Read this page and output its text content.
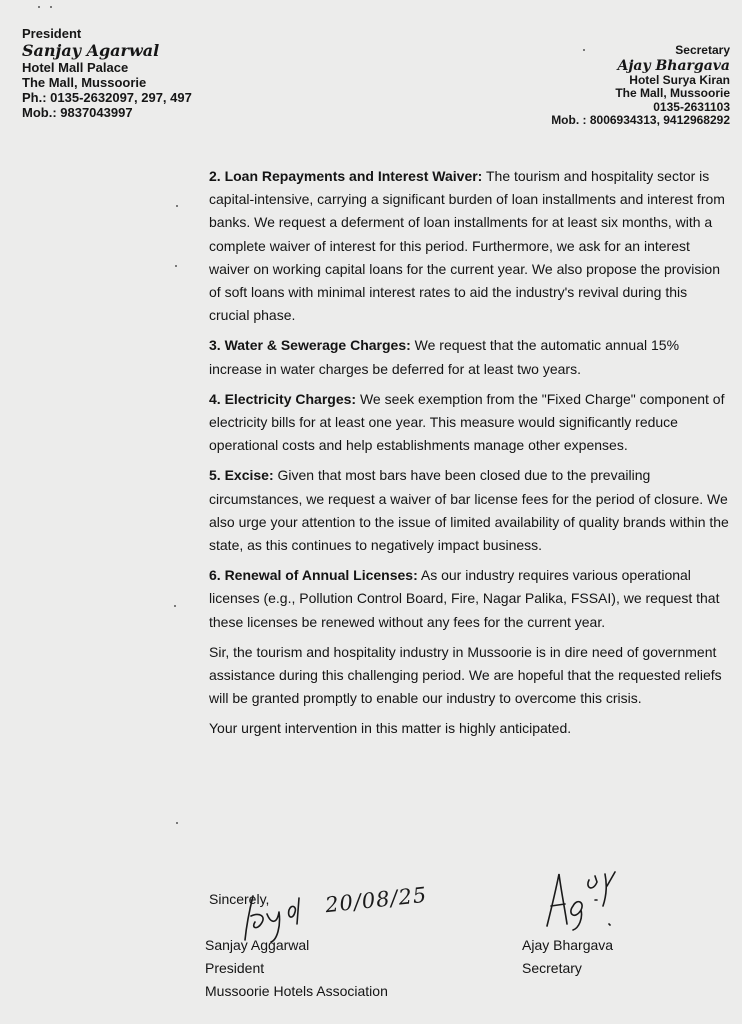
President
Sanjay Agarwal
Hotel Mall Palace
The Mall, Mussoorie
Ph.: 0135-2632097, 297, 497
Mob.: 9837043997
Secretary
Ajay Bhargava
Hotel Surya Kiran
The Mall, Mussoorie
0135-2631103
Mob. : 8006934313, 9412968292

2. Loan Repayments and Interest Waiver: The tourism and hospitality sector is capital-intensive, carrying a significant burden of loan installments and interest from banks. We request a deferment of loan installments for at least six months, with a complete waiver of interest for this period. Furthermore, we ask for an interest waiver on working capital loans for the current year. We also propose the provision of soft loans with minimal interest rates to aid the industry's revival during this crucial phase.

3. Water & Sewerage Charges: We request that the automatic annual 15% increase in water charges be deferred for at least two years.

4. Electricity Charges: We seek exemption from the "Fixed Charge" component of electricity bills for at least one year. This measure would significantly reduce operational costs and help establishments manage other expenses.

5. Excise: Given that most bars have been closed due to the prevailing circumstances, we request a waiver of bar license fees for the period of closure. We also urge your attention to the issue of limited availability of quality brands within the state, as this continues to negatively impact business.

6. Renewal of Annual Licenses: As our industry requires various operational licenses (e.g., Pollution Control Board, Fire, Nagar Palika, FSSAI), we request that these licenses be renewed without any fees for the current year.

Sir, the tourism and hospitality industry in Mussoorie is in dire need of government assistance during this challenging period. We are hopeful that the requested reliefs will be granted promptly to enable our industry to overcome this crisis.

Your urgent intervention in this matter is highly anticipated.

Sincerely,	20/08/25
Sanjay Aggarwal
President
Mussoorie Hotels Association
Ajay Bhargava
Secretary
